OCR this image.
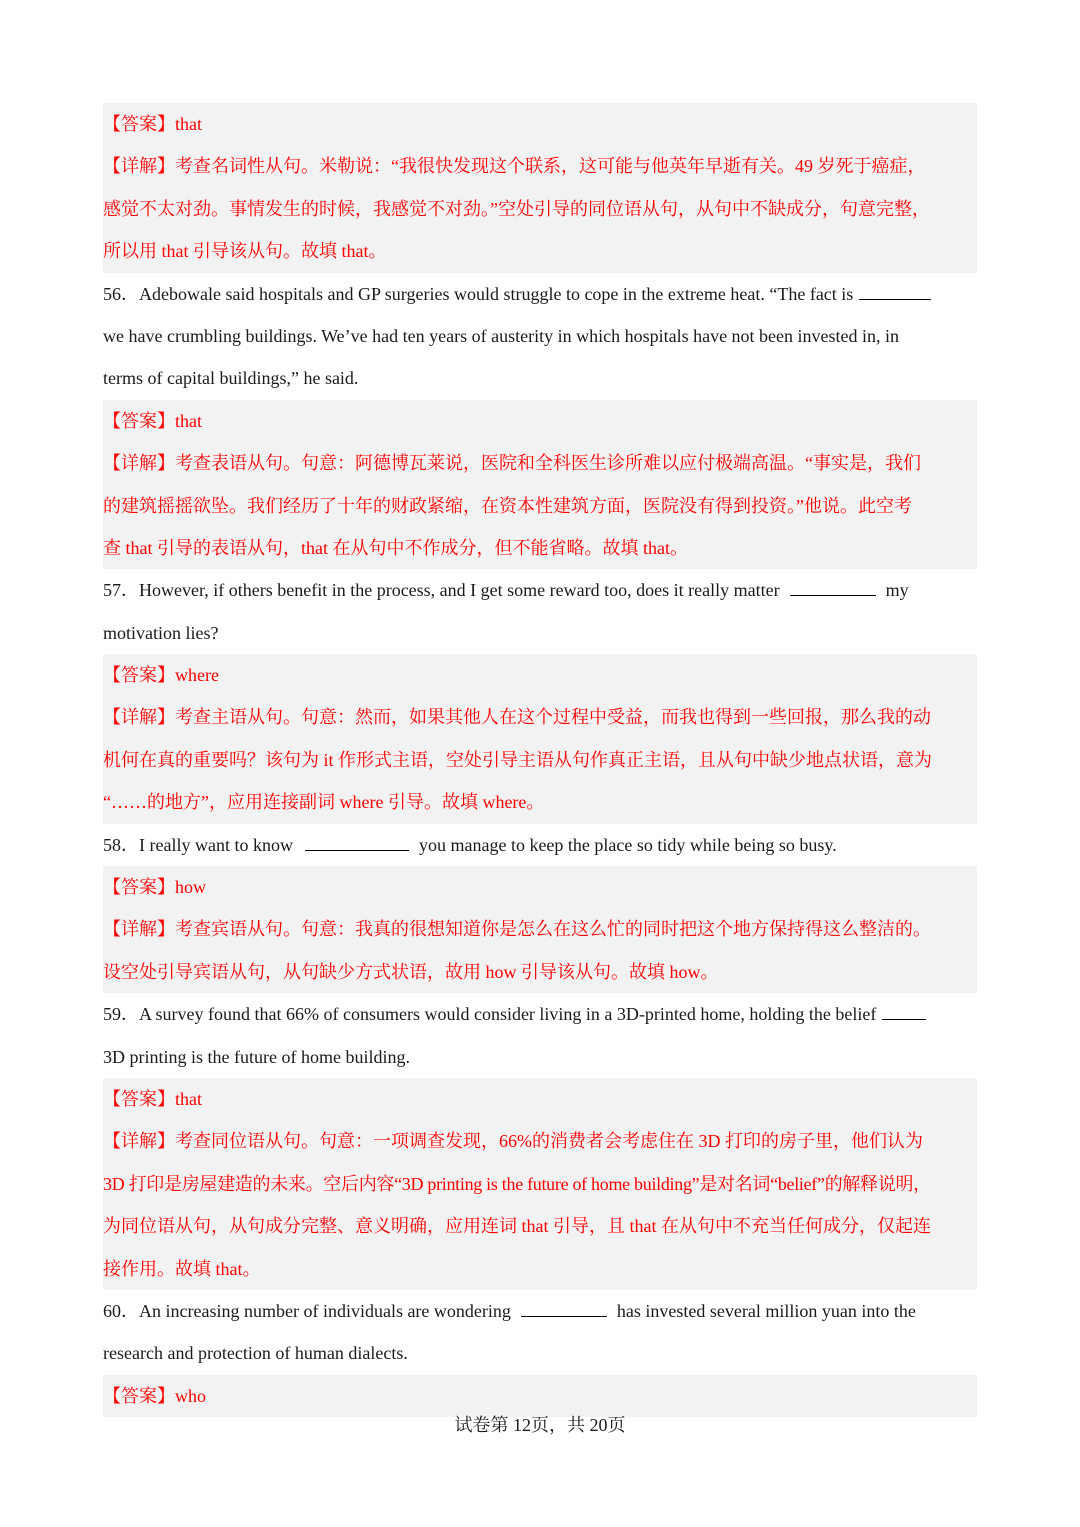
【答案】that
【详解】考查名词性从句。米勒说：“我很快发现这个联系，这可能与他英年早逝有关。49 岁死于癌症，
感觉不太对劲。事情发生的时候，我感觉不对劲。”空处引导的同位语从句，从句中不缺成分，句意完整，
所以用 that 引导该从句。故填 that。
56．Adebowale said hospitals and GP surgeries would struggle to cope in the extreme heat. “The fact is
we have crumbling buildings. We’ve had ten years of austerity in which hospitals have not been invested in, in
terms of capital buildings,” he said.
【答案】that
【详解】考查表语从句。句意：阿德博瓦莱说，医院和全科医生诊所难以应付极端高温。“事实是，我们
的建筑摇摇欲坠。我们经历了十年的财政紧缩，在资本性建筑方面，医院没有得到投资。”他说。此空考
查 that 引导的表语从句，that 在从句中不作成分，但不能省略。故填 that。
57．However, if others benefit in the process, and I get some reward too, does it really matter	my
motivation lies?
【答案】where
【详解】考查主语从句。句意：然而，如果其他人在这个过程中受益，而我也得到一些回报，那么我的动
机何在真的重要吗？该句为 it 作形式主语，空处引导主语从句作真正主语，且从句中缺少地点状语，意为
“……的地方”，应用连接副词 where 引导。故填 where。
58．I really want to know	you manage to keep the place so tidy while being so busy.
【答案】how
【详解】考查宾语从句。句意：我真的很想知道你是怎么在这么忙的同时把这个地方保持得这么整洁的。
设空处引导宾语从句，从句缺少方式状语，故用 how 引导该从句。故填 how。
59．A survey found that 66% of consumers would consider living in a 3D-printed home, holding the belief
3D printing is the future of home building.
【答案】that
【详解】考查同位语从句。句意：一项调查发现，66%的消费者会考虑住在 3D 打印的房子里，他们认为
3D 打印是房屋建造的未来。空后内容“3D printing is the future of home building”是对名词“belief”的解释说明，
为同位语从句，从句成分完整、意义明确，应用连词 that 引导，且 that 在从句中不充当任何成分，仅起连
接作用。故填 that。
60．An increasing number of individuals are wondering	has invested several million yuan into the
research and protection of human dialects.
【答案】who
试卷第 12页，共 20页
